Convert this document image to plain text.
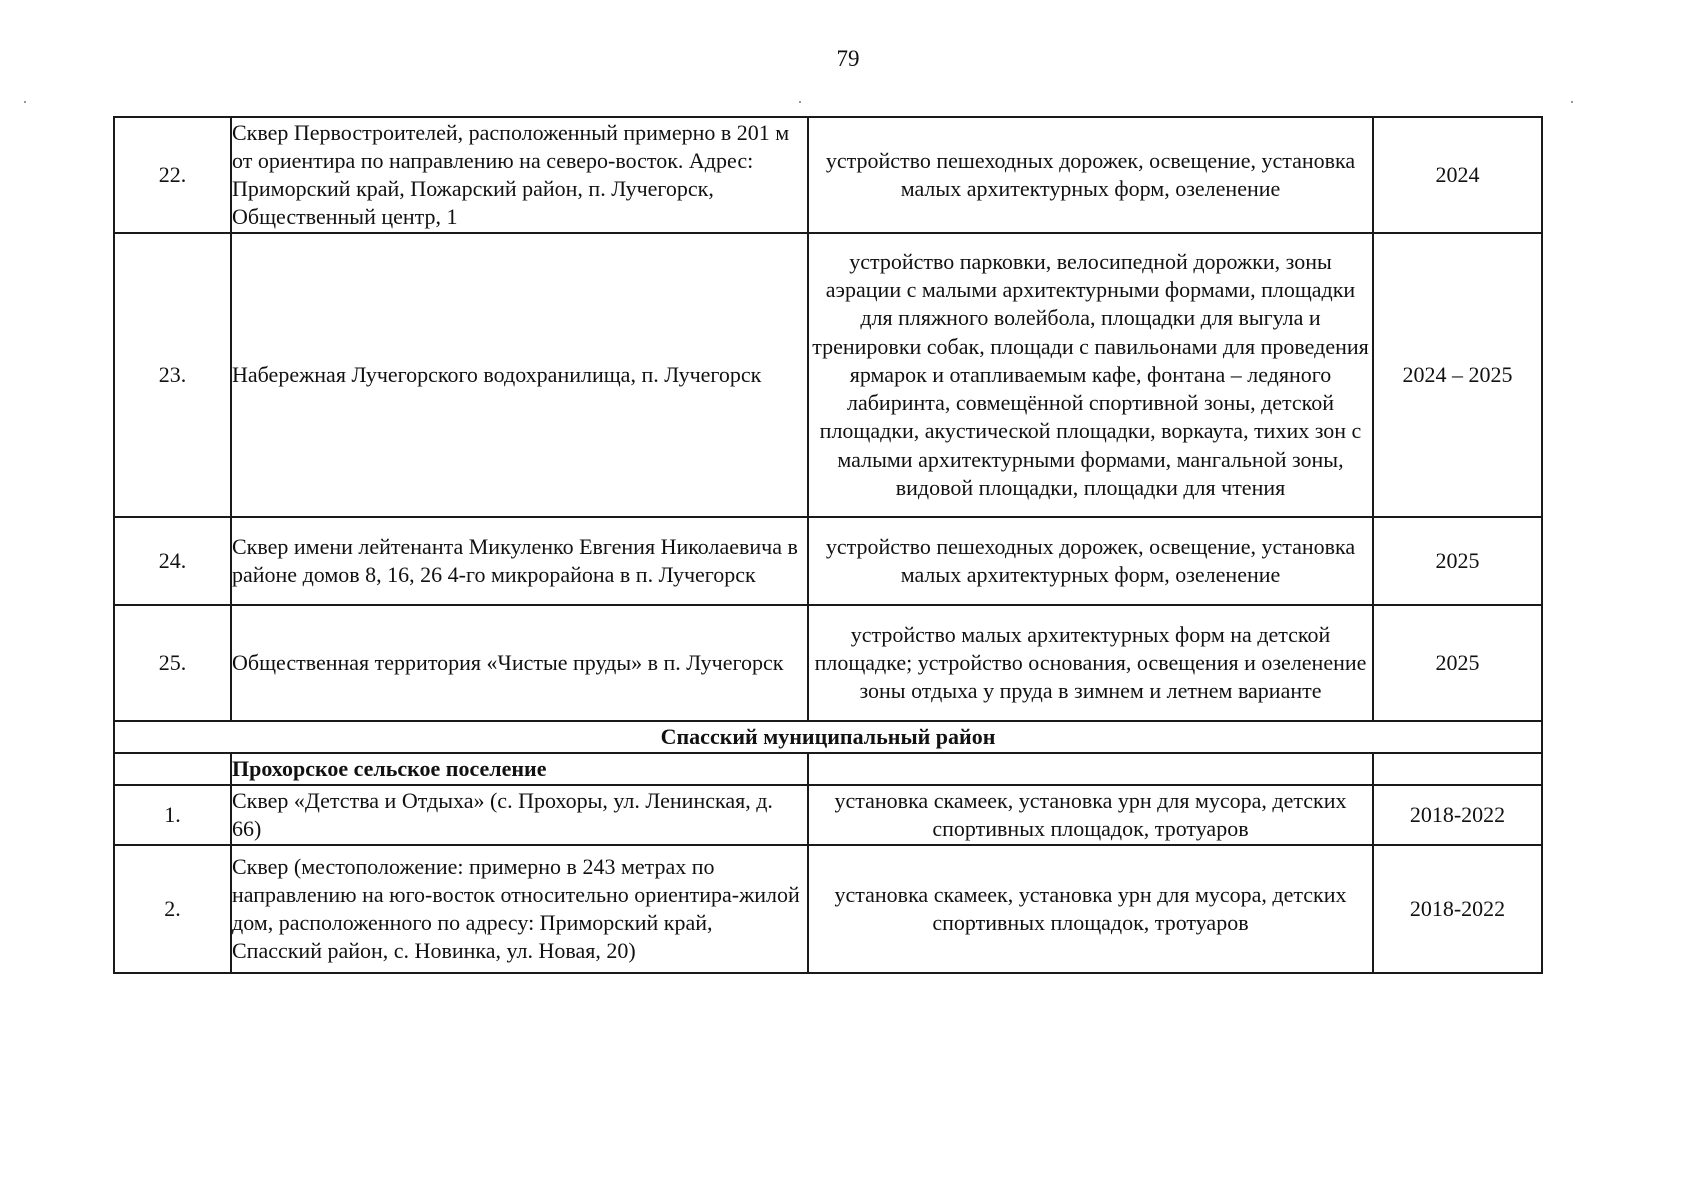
79
22.	Сквер Первостроителей, расположенный примерно в 201 м от ориентира по направлению на северо-восток. Адрес: Приморский край, Пожарский район, п. Лучегорск, Общественный центр, 1	устройство пешеходных дорожек, освещение, установка малых архитектурных форм, озеленение	2024
23.	Набережная Лучегорского водохранилища, п. Лучегорск	устройство парковки, велосипедной дорожки, зоны аэрации с малыми архитектурными формами, площадки для пляжного волейбола, площадки для выгула и тренировки собак, площади с павильонами для проведения ярмарок и отапливаемым кафе, фонтана – ледяного лабиринта, совмещённой спортивной зоны, детской площадки, акустической площадки, воркаута, тихих зон с малыми архитектурными формами, мангальной зоны, видовой площадки, площадки для чтения	2024 – 2025
24.	Сквер имени лейтенанта Микуленко Евгения Николаевича в районе домов 8, 16, 26 4-го микрорайона в п. Лучегорск	устройство пешеходных дорожек, освещение, установка малых архитектурных форм, озеленение	2025
25.	Общественная территория «Чистые пруды» в п. Лучегорск	устройство малых архитектурных форм на детской площадке; устройство основания, освещения и озеленение зоны отдыха у пруда в зимнем и летнем варианте	2025
Спасский муниципальный район			
	Прохорское сельское поселение		
1.	Сквер «Детства и Отдыха» (с. Прохоры, ул. Ленинская, д. 66)	установка скамеек, установка урн для мусора, детских спортивных площадок, тротуаров	2018-2022
2.	Сквер (местоположение: примерно в 243 метрах по направлению на юго-восток относительно ориентира-жилой дом, расположенного по адресу: Приморский край, Спасский район, с. Новинка, ул. Новая, 20)	установка скамеек, установка урн для мусора, детских спортивных площадок, тротуаров	2018-2022
